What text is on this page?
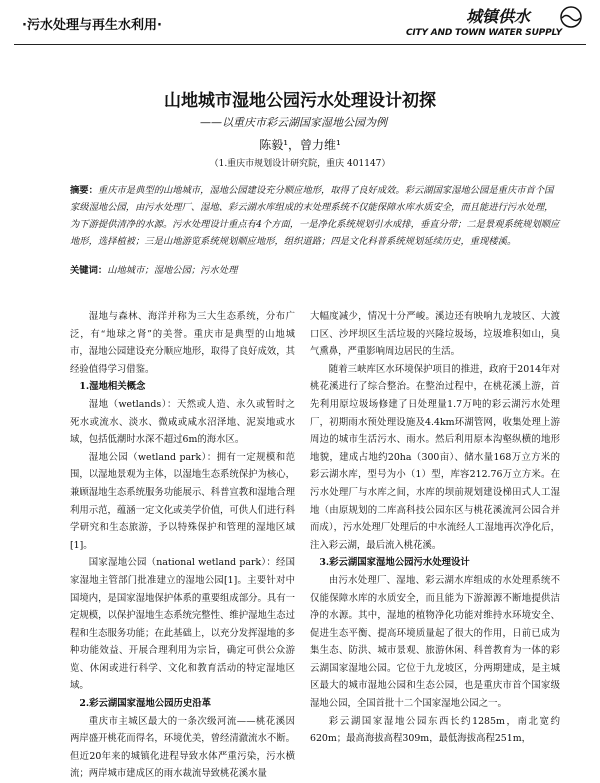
·污水处理与再生水利用·	城镇供水
CITY AND TOWN WATER SUPPLY
山地城市湿地公园污水处理设计初探
——以重庆市彩云湖国家湿地公园为例
陈毅¹，曾力维¹
（1.重庆市规划设计研究院，重庆 401147）
摘要：重庆市是典型的山地城市，湿地公园建设充分顺应地形，取得了良好成效。彩云湖国家湿地公园是重庆市首个国家级湿地公园，由污水处理厂、湿地、彩云湖水库组成的末处理系统不仅能保障水库水质安全，而且能进行污水处理，为下游提供清净的水源。污水处理设计重点有4个方面，一是净化系统规划引水成排，垂直分带；二是景观系统规划顺应地形，选择植被；三是山地游览系统规划顺应地形，组织道路；四是文化科普系统规划延续历史，重现楼溪。
关键词：山地城市；湿地公园；污水处理

湿地与森林、海洋并称为三大生态系统，分布广泛，有“地球之肾”的美誉。重庆市是典型的山地城市，湿地公园建设充分顺应地形，取得了良好成效，其经验值得学习借鉴。

1.湿地相关概念

湿地（wetlands）：天然或人造、永久或暂时之死水或流水、淡水、微咸或咸水沼泽地、泥炭地或水域，包括低潮时水深不超过6m的海水区。

湿地公园（wetland park）：拥有一定规模和范围，以湿地景观为主体，以湿地生态系统保护为核心，兼顾湿地生态系统服务功能展示、科普宣教和湿地合理利用示范，蕴涵一定文化或美学价值，可供人们进行科学研究和生态旅游，予以特殊保护和管理的湿地区域[1]。

国家湿地公园（national wetland park）：经国家湿地主管部门批准建立的湿地公园[1]。主要针对中国境内，是国家湿地保护体系的重要组成部分。具有一定规模，以保护湿地生态系统完整性、维护湿地生态过程和生态服务功能；在此基础上，以充分发挥湿地的多种功能效益、开展合理利用为宗旨，确定可供公众游览、休闲或进行科学、文化和教育活动的特定湿地区域。

2.彩云湖国家湿地公园历史沿革

重庆市主城区最大的一条次级河流——桃花溪因两岸盛开桃花而得名，环境优美，曾经清澈流水不断。但近20年来的城镇化进程导致水体严重污染，污水横流；两岸城市建成区的雨水裁流导致桃花溪水量

大幅度减少，情况十分严峻。溪边还有映响九龙坡区、大渡口区、沙坪坝区生活垃圾的兴隆垃圾场，垃圾堆积如山，臭气熏鼻，严重影响周边居民的生活。

随着三峡库区水环境保护项目的推进，政府于2014年对桃花溪进行了综合整治。在整治过程中，在桃花溪上游，首先利用原垃圾场修建了日处理量1.7万吨的彩云湖污水处理厂，初期雨水预处理设施及4.4km环湖管网，收集处理上游周边的城市生活污水、雨水。然后利用原本沟壑纵横的地形地貌，建成占地约20ha（300亩）、储水量168万立方米的彩云湖水库，型号为小（1）型，库容212.76万立方米。在污水处理厂与水库之间，水库的坝前规划建设梯田式人工湿地（由原规划的二库高科技公园东区与桃花溪流河公园合并而成），污水处理厂处理后的中水流经人工湿地再次净化后，注入彩云湖，最后流入桃花溪。

3.彩云湖国家湿地公园污水处理设计

由污水处理厂、湿地、彩云湖水库组成的水处理系统不仅能保障水库的水质安全，而且能为下游源源不断地提供洁净的水源。其中，湿地的植物净化功能对维持水环境安全、促进生态平衡、提高环境质量起了很大的作用，日前已成为集生态、防洪、城市景观、旅游休闲、科普教育为一体的彩云湖国家湿地公园。它位于九龙坡区，分两期建成，是主城区最大的城市湿地公园和生态公园，也是重庆市首个国家级湿地公园，全国首批十二个国家湿地公园之一。

彩云湖国家湿地公园东西长约1285m，南北宽约620m；最高海拔高程309m，最低海拔高程251m，
